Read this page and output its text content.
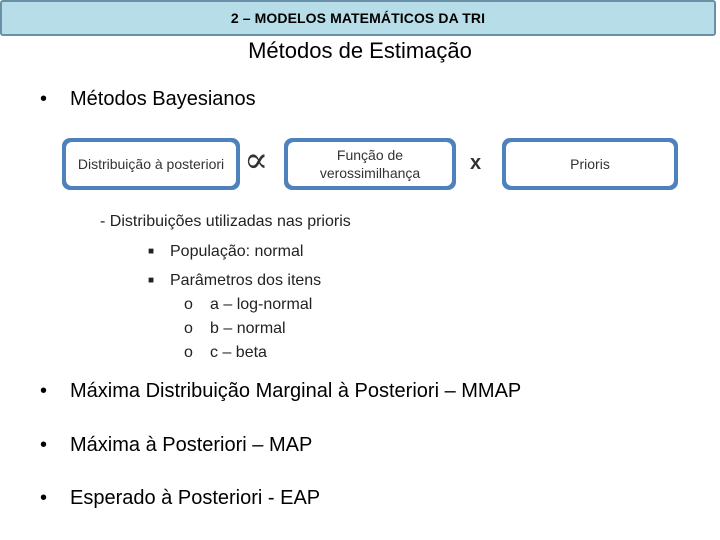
2 – MODELOS MATEMÁTICOS DA TRI
Métodos de Estimação
•	Métodos Bayesianos
Distribuição à posteriori ∝	Função de verossimilhança	x	Prioris
- Distribuições utilizadas nas prioris
■ População: normal
■ Parâmetros dos itens
o a – log-normal
o b – normal
o c – beta
•	Máxima Distribuição Marginal à Posteriori – MMAP
•	Máxima à Posteriori – MAP
•	Esperado à Posteriori - EAP
